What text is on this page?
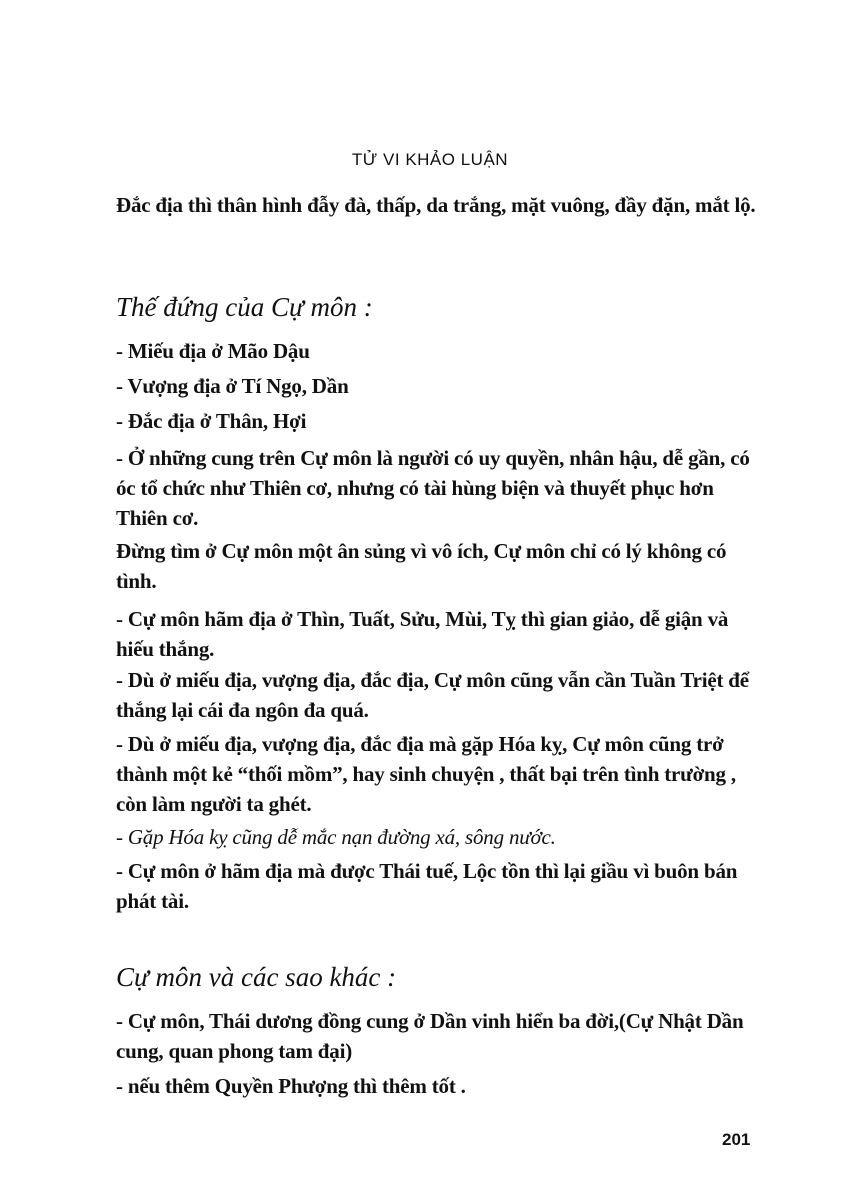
TỬ VI KHẢO LUẬN
Đắc địa thì thân hình đẫy đà, thấp, da trắng, mặt vuông, đầy đặn, mắt lộ.
Thế đứng của Cự môn :
- Miếu địa ở Mão Dậu
- Vượng địa ở Tí Ngọ, Dần
- Đắc địa ở Thân, Hợi
- Ở những cung trên Cự môn là người có uy quyền, nhân hậu, dễ gần, có óc tổ chức như Thiên cơ, nhưng có tài hùng biện và thuyết phục hơn Thiên cơ.
Đừng tìm ở Cự môn một ân sủng vì vô ích, Cự môn chỉ có lý không có tình.
- Cự môn hãm địa ở Thìn, Tuất, Sửu, Mùi, Tỵ thì gian giảo, dễ giận và hiếu thắng.
- Dù ở miếu địa, vượng địa, đắc địa, Cự môn cũng vẫn cần Tuần Triệt để thắng lại cái đa ngôn đa quá.
- Dù ở miếu địa, vượng địa, đắc địa mà gặp Hóa kỵ, Cự môn cũng trở thành một kẻ “thối mồm”, hay sinh chuyện , thất bại trên tình trường , còn làm người ta ghét.
- Gặp Hóa kỵ cũng dễ mắc nạn đường xá, sông nước.
- Cự môn ở hãm địa mà được Thái tuế, Lộc tồn thì lại giầu vì buôn bán phát tài.
Cự môn và các sao khác :
- Cự môn, Thái dương đồng cung ở Dần vinh hiển ba đời,(Cự Nhật Dần cung, quan phong tam đại)
- nếu thêm Quyền Phượng thì thêm tốt .
201
